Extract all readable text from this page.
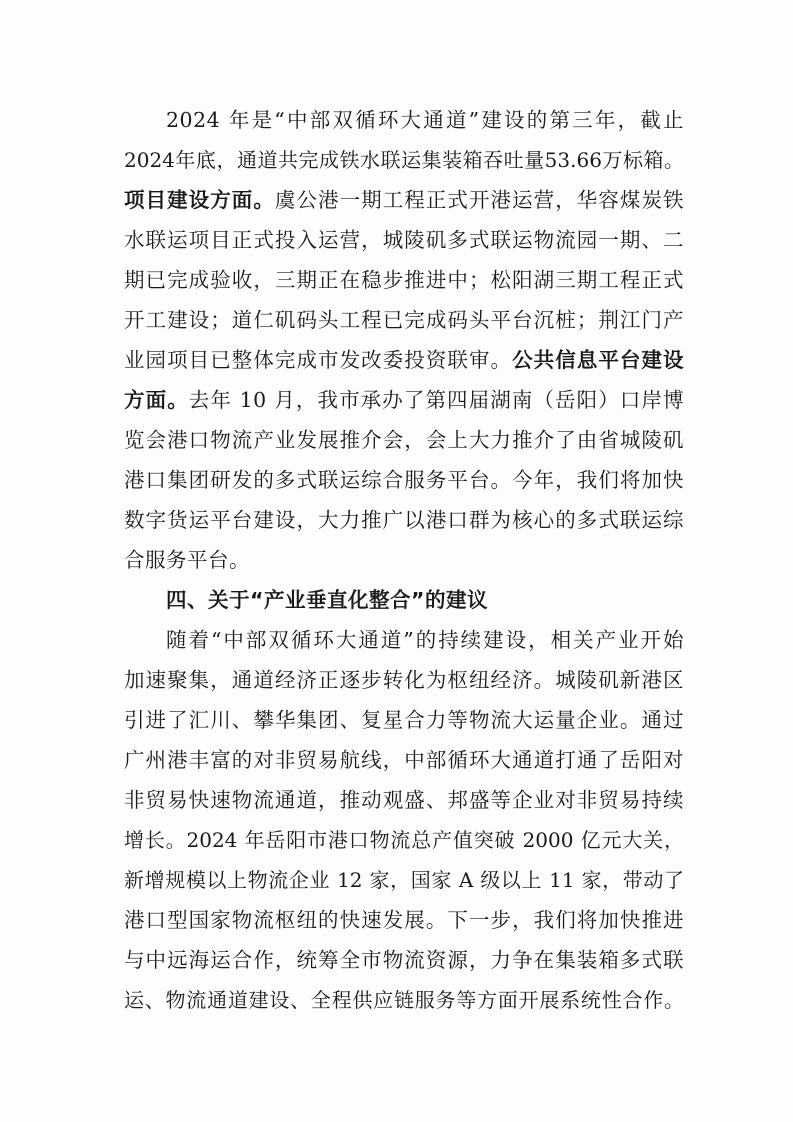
2024 年是“中部双循环大通道”建设的第三年，截止
2024年底，通道共完成铁水联运集装箱吞吐量53.66万标箱。
项目建设方面。虞公港一期工程正式开港运营，华容煤炭铁
水联运项目正式投入运营，城陵矶多式联运物流园一期、二
期已完成验收，三期正在稳步推进中；松阳湖三期工程正式
开工建设；道仁矶码头工程已完成码头平台沉桩；荆江门产
业园项目已整体完成市发改委投资联审。公共信息平台建设
方面。去年 10 月，我市承办了第四届湖南（岳阳）口岸博
览会港口物流产业发展推介会，会上大力推介了由省城陵矶
港口集团研发的多式联运综合服务平台。今年，我们将加快
数字货运平台建设，大力推广以港口群为核心的多式联运综
合服务平台。
四、关于“产业垂直化整合”的建议
随着“中部双循环大通道”的持续建设，相关产业开始
加速聚集，通道经济正逐步转化为枢纽经济。城陵矶新港区
引进了汇川、攀华集团、复星合力等物流大运量企业。通过
广州港丰富的对非贸易航线，中部循环大通道打通了岳阳对
非贸易快速物流通道，推动观盛、邦盛等企业对非贸易持续
增长。2024 年岳阳市港口物流总产值突破 2000 亿元大关，
新增规模以上物流企业 12 家，国家 A 级以上 11 家，带动了
港口型国家物流枢纽的快速发展。下一步，我们将加快推进
与中远海运合作，统筹全市物流资源，力争在集装箱多式联
运、物流通道建设、全程供应链服务等方面开展系统性合作。
